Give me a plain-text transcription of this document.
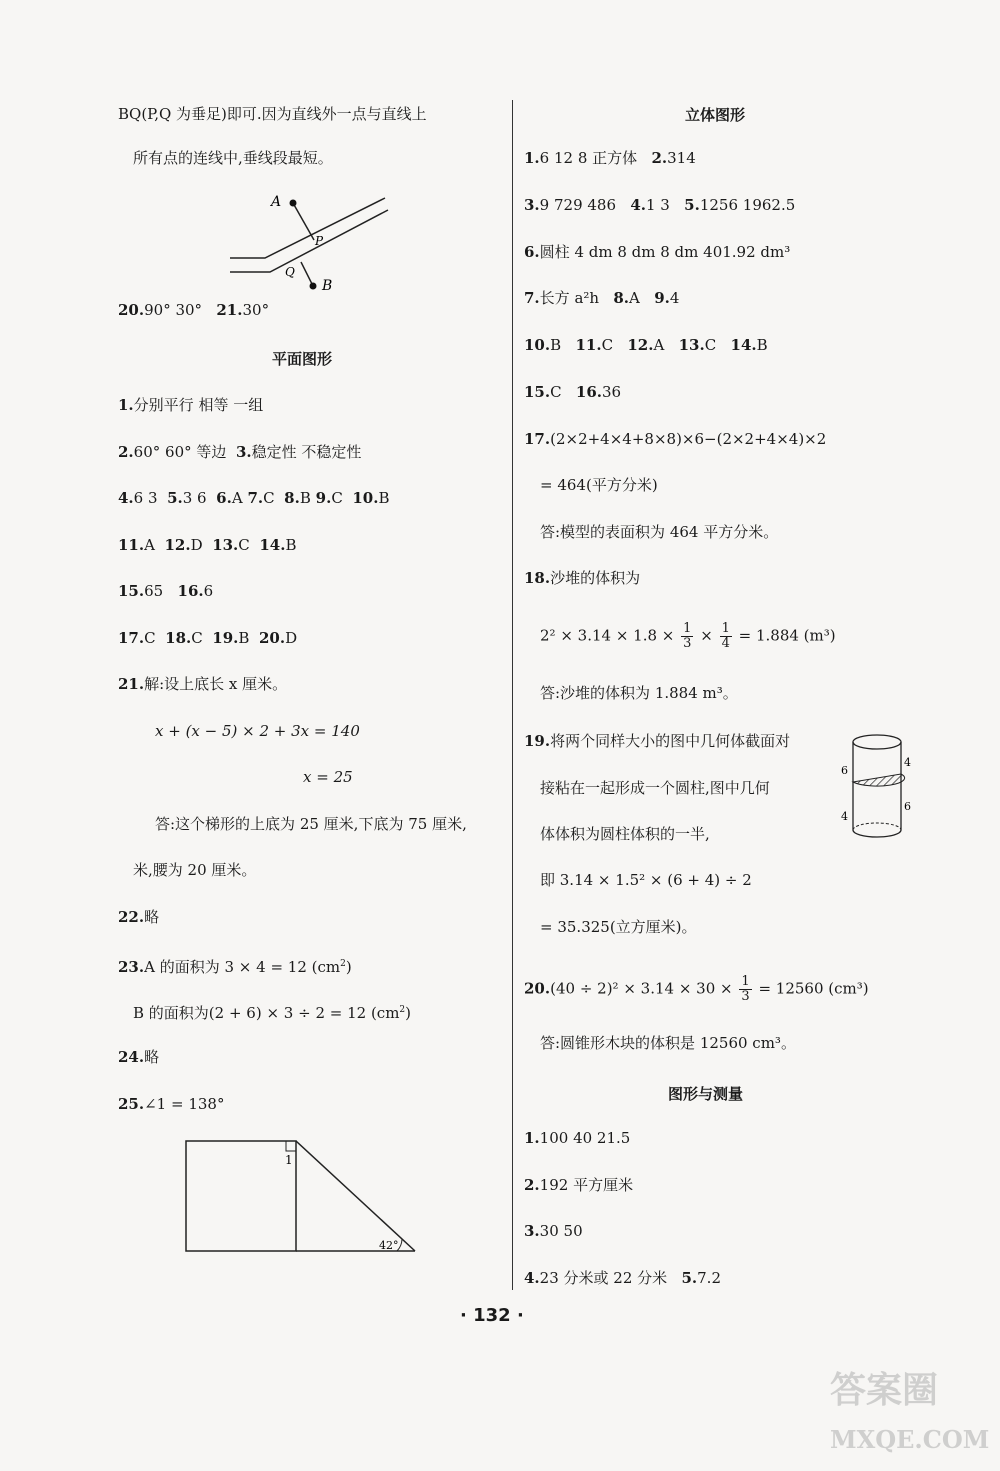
BQ(P,Q 为垂足)即可.因为直线外一点与直线上
所有点的连线中,垂线段最短。
A
B
P
Q
20.90° 30° 21.30°
平面图形
1.分别平行 相等 一组
2.60° 60° 等边 3.稳定性 不稳定性
4.6 3 5.3 6 6.A 7.C 8.B 9.C 10.B
11.A 12.D 13.C 14.B
15.65 16.6
17.C 18.C 19.B 20.D
21.解:设上底长 x 厘米。
x + (x − 5) × 2 + 3x = 140
x = 25
答:这个梯形的上底为 25 厘米,下底为 75 厘米,
米,腰为 20 厘米。
22.略
23.A 的面积为 3 × 4 = 12 $(cm^2)$
B 的面积为(2 + 6) × 3 ÷ 2 = 12 $(cm^2)$
24.略
25.∠1 = 138°
1
42°
立体图形
1.6 12 8 正方体 2.314
3.9 729 486 4.1 3 5.1256 1962.5
6.圆柱 4 dm 8 dm 8 dm 401.92 dm³
7.长方 a²h 8.A 9.4
10.B 11.C 12.A 13.C 14.B
15.C 16.36
17.(2×2+4×4+8×8)×6−(2×2+4×4)×2
= 464(平方分米)
答:模型的表面积为 464 平方分米。
18.沙堆的体积为
$2^2 \times 3.14 \times 1.8 \times \frac{1}{3} \times \frac{1}{4} = 1.884$ (m³)
答:沙堆的体积为 1.884 m³。
19.将两个同样大小的图中几何体截面对
接粘在一起形成一个圆柱,图中几何
体体积为圆柱体积的一半,
即 3.14 × 1.5² × (6 + 4) ÷ 2
= 35.325(立方厘米)。
6
4
4
6
$20.(40 \div 2)^2 \times 3.14 \times 30 \times \frac{1}{3} = 12560$ (cm³)
答:圆锥形木块的体积是 12560 cm³。
图形与测量
1.100 40 21.5
2.192 平方厘米
3.30 50
4.23 分米或 22 分米 5.7.2
· 132 ·
答案圈
MXQE.COM
